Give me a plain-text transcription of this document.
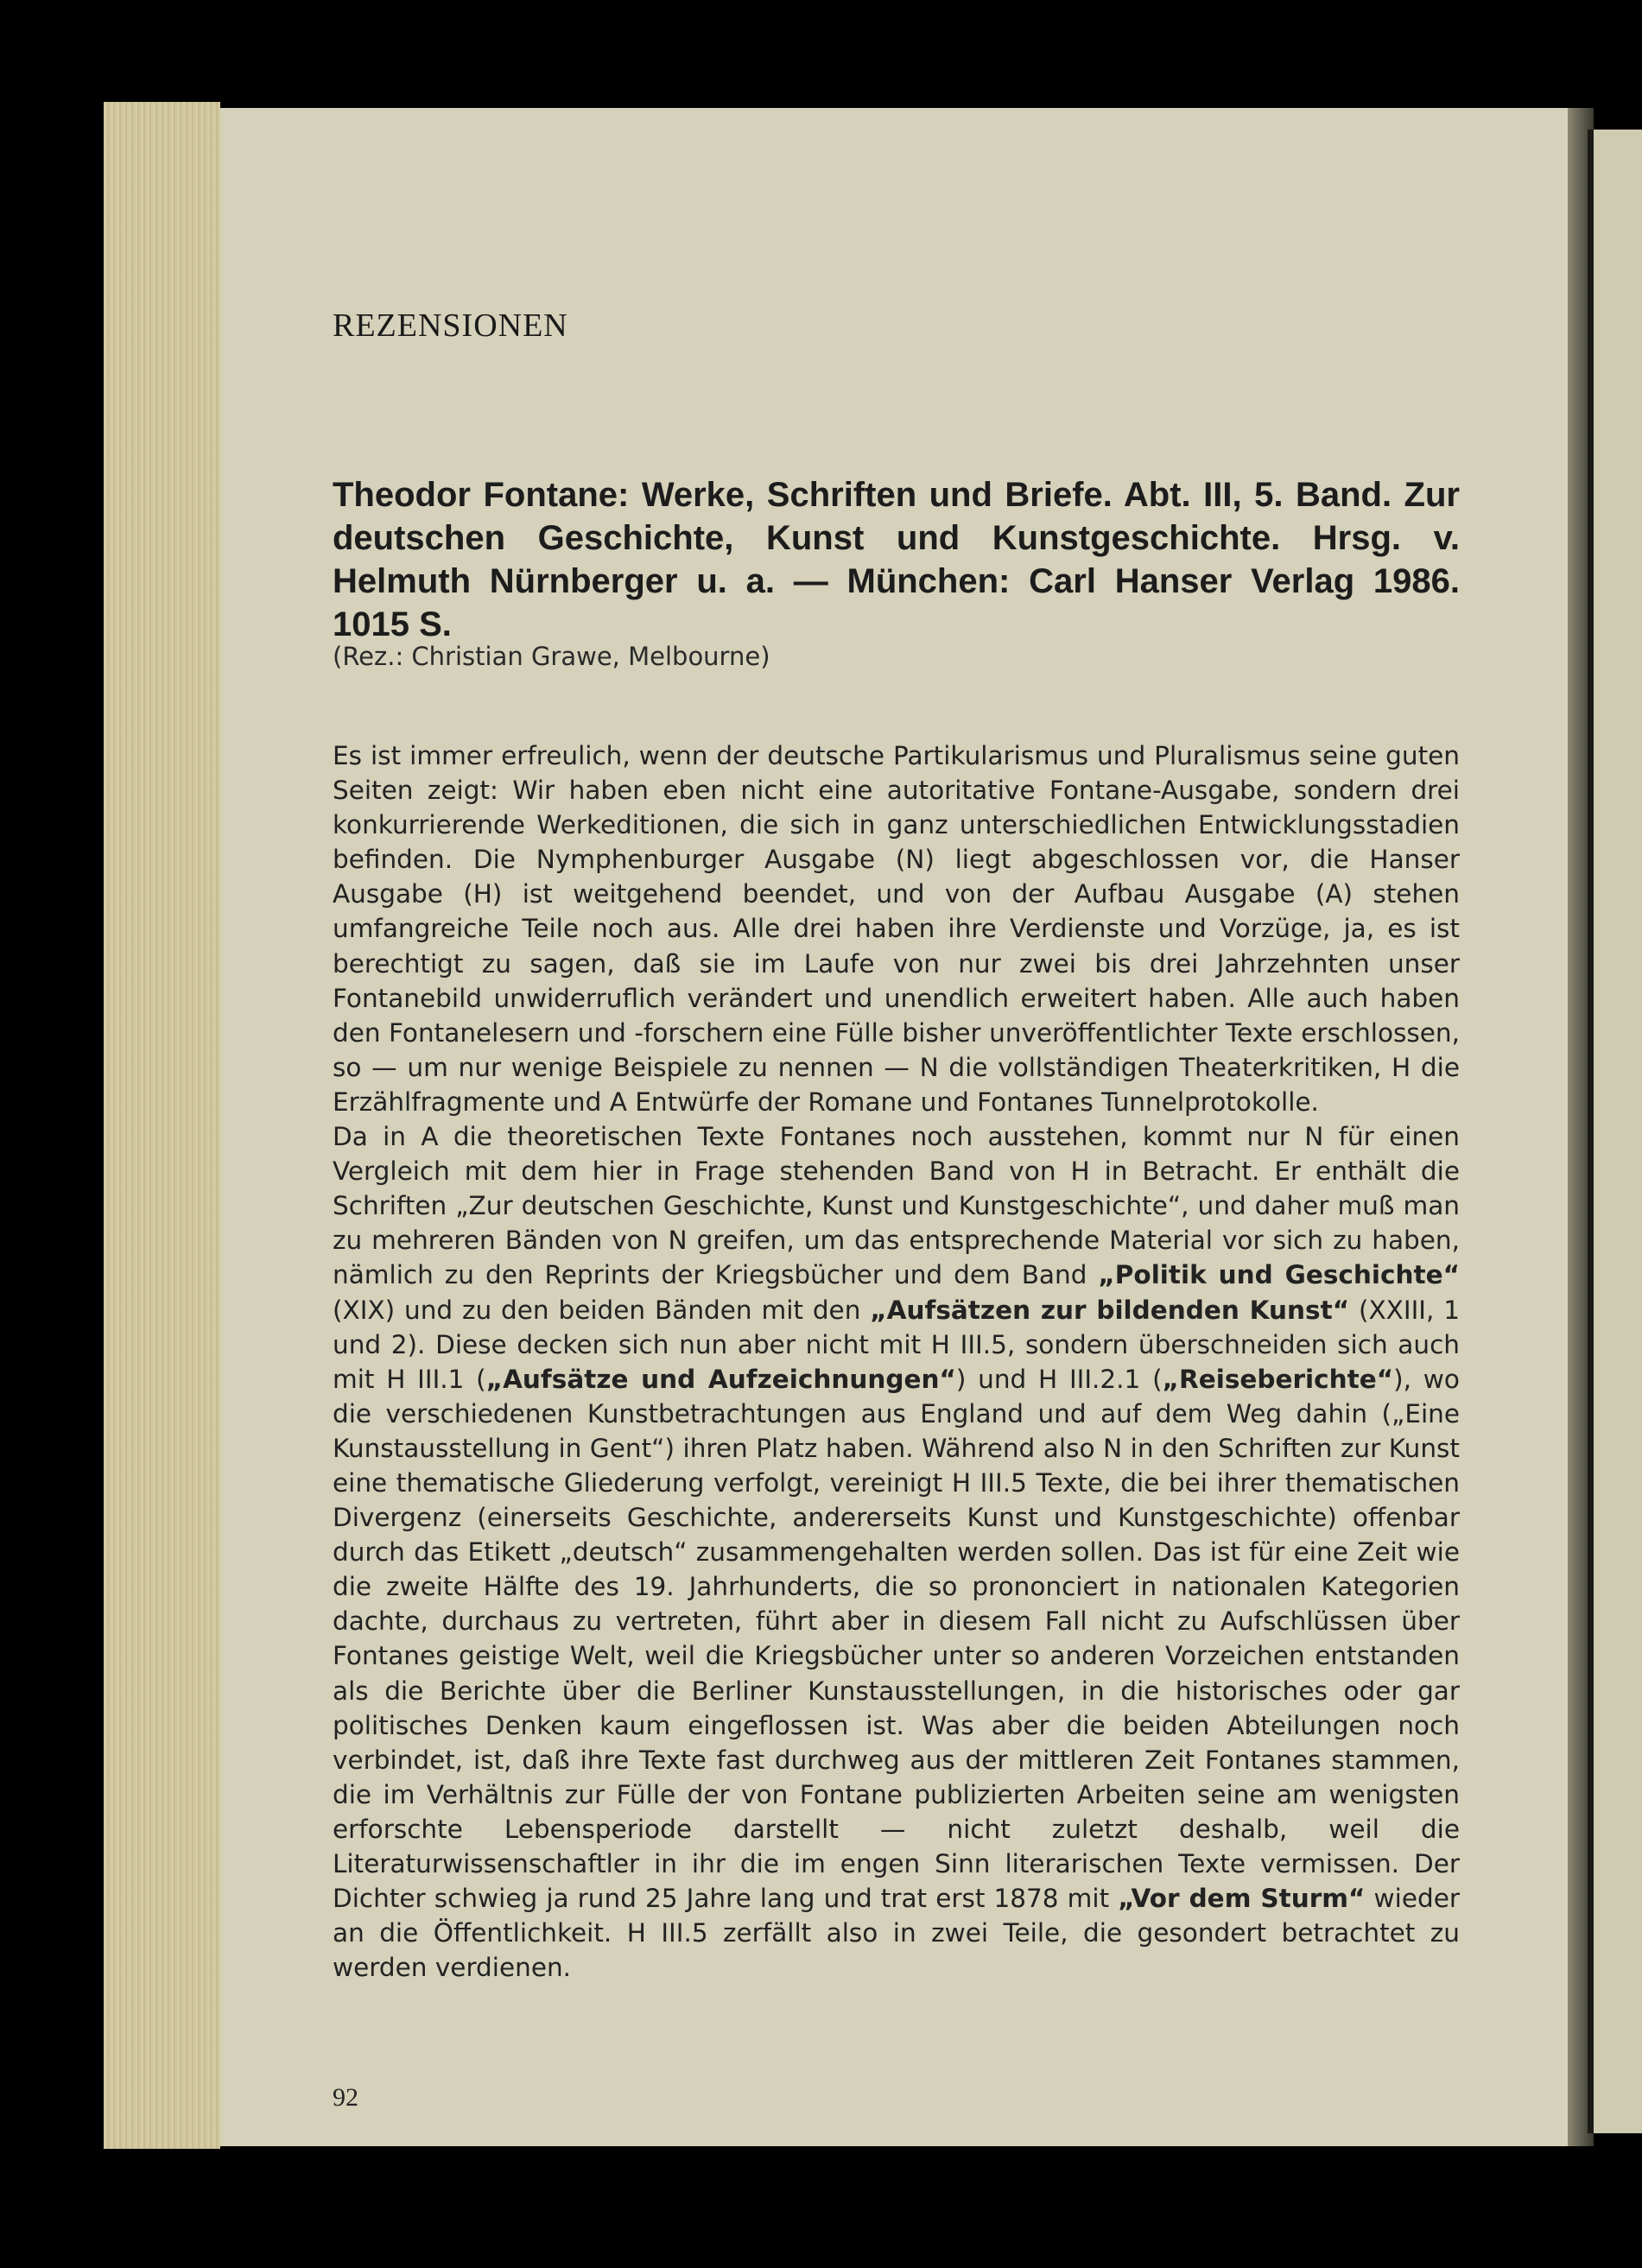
REZENSIONEN
Theodor Fontane: Werke, Schriften und Briefe. Abt. III, 5. Band. Zur deutschen Geschichte, Kunst und Kunstgeschichte. Hrsg. v. Helmuth Nürnberger u. a. — München: Carl Hanser Verlag 1986. 1015 S.
(Rez.: Christian Grawe, Melbourne)

Es ist immer erfreulich, wenn der deutsche Partikularismus und Pluralismus seine guten Seiten zeigt: Wir haben eben nicht eine autoritative Fontane-Ausgabe, sondern drei konkurrierende Werkeditionen, die sich in ganz unterschiedlichen Entwicklungsstadien befinden. Die Nymphenburger Ausgabe (N) liegt abgeschlossen vor, die Hanser Ausgabe (H) ist weitgehend beendet, und von der Aufbau Ausgabe (A) stehen umfangreiche Teile noch aus. Alle drei haben ihre Verdienste und Vorzüge, ja, es ist berechtigt zu sagen, daß sie im Laufe von nur zwei bis drei Jahrzehnten unser Fontanebild unwiderruflich verändert und unendlich erweitert haben. Alle auch haben den Fontanelesern und -forschern eine Fülle bisher unveröffentlichter Texte erschlossen, so — um nur wenige Beispiele zu nennen — N die vollständigen Theaterkritiken, H die Erzählfragmente und A Entwürfe der Romane und Fontanes Tunnelprotokolle.

Da in A die theoretischen Texte Fontanes noch ausstehen, kommt nur N für einen Vergleich mit dem hier in Frage stehenden Band von H in Betracht. Er enthält die Schriften „Zur deutschen Geschichte, Kunst und Kunstgeschichte“, und daher muß man zu mehreren Bänden von N greifen, um das entsprechende Material vor sich zu haben, nämlich zu den Reprints der Kriegsbücher und dem Band „Politik und Geschichte“ (XIX) und zu den beiden Bänden mit den „Aufsätzen zur bildenden Kunst“ (XXIII, 1 und 2). Diese decken sich nun aber nicht mit H III.5, sondern überschneiden sich auch mit H III.1 („Aufsätze und Aufzeichnungen“) und H III.2.1 („Reiseberichte“), wo die verschiedenen Kunstbetrachtungen aus England und auf dem Weg dahin („Eine Kunstausstellung in Gent“) ihren Platz haben. Während also N in den Schriften zur Kunst eine thematische Gliederung verfolgt, vereinigt H III.5 Texte, die bei ihrer thematischen Divergenz (einerseits Geschichte, andererseits Kunst und Kunstgeschichte) offenbar durch das Etikett „deutsch“ zusammengehalten werden sollen. Das ist für eine Zeit wie die zweite Hälfte des 19. Jahrhunderts, die so prononciert in nationalen Kategorien dachte, durchaus zu vertreten, führt aber in diesem Fall nicht zu Aufschlüssen über Fontanes geistige Welt, weil die Kriegsbücher unter so anderen Vorzeichen entstanden als die Berichte über die Berliner Kunstausstellungen, in die historisches oder gar politisches Denken kaum eingeflossen ist. Was aber die beiden Abteilungen noch verbindet, ist, daß ihre Texte fast durchweg aus der mittleren Zeit Fontanes stammen, die im Verhältnis zur Fülle der von Fontane publizierten Arbeiten seine am wenigsten erforschte Lebensperiode darstellt — nicht zuletzt deshalb, weil die Literaturwissenschaftler in ihr die im engen Sinn literarischen Texte vermissen. Der Dichter schwieg ja rund 25 Jahre lang und trat erst 1878 mit „Vor dem Sturm“ wieder an die Öffentlichkeit. H III.5 zerfällt also in zwei Teile, die gesondert betrachtet zu werden verdienen.

92
